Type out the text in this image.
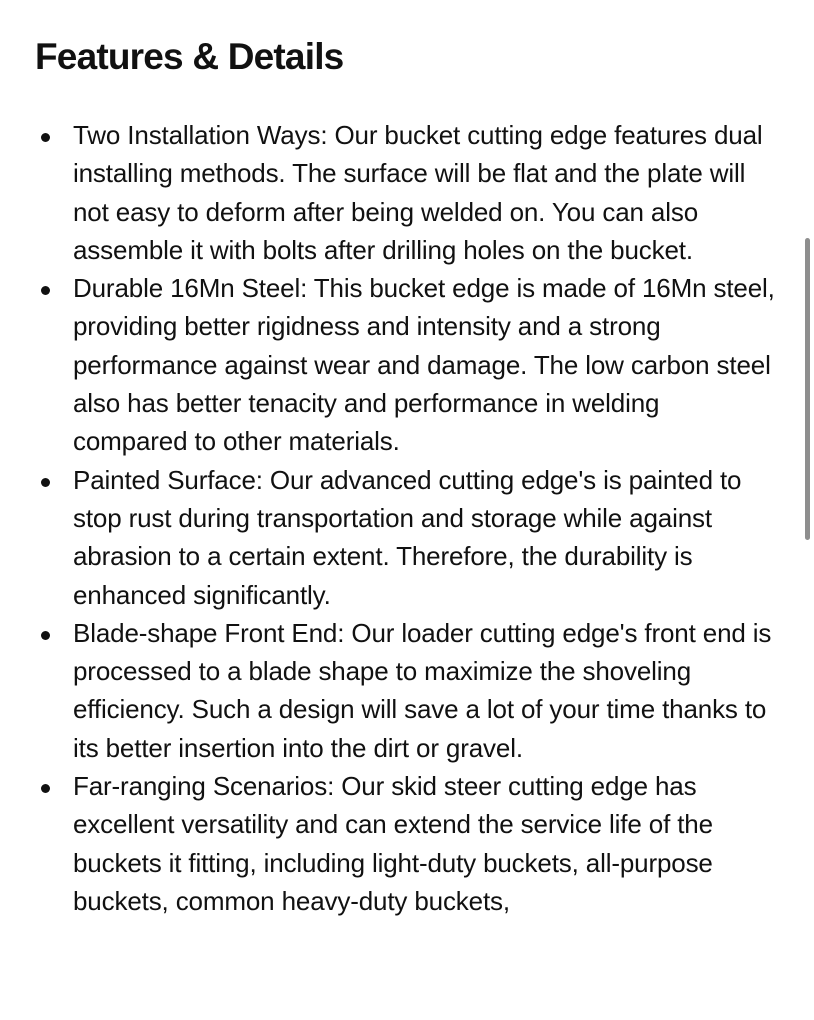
Features & Details
Two Installation Ways: Our bucket cutting edge features dual installing methods. The surface will be flat and the plate will not easy to deform after being welded on. You can also assemble it with bolts after drilling holes on the bucket.
Durable 16Mn Steel: This bucket edge is made of 16Mn steel, providing better rigidness and intensity and a strong performance against wear and damage. The low carbon steel also has better tenacity and performance in welding compared to other materials.
Painted Surface: Our advanced cutting edge's is painted to stop rust during transportation and storage while against abrasion to a certain extent. Therefore, the durability is enhanced significantly.
Blade-shape Front End: Our loader cutting edge's front end is processed to a blade shape to maximize the shoveling efficiency. Such a design will save a lot of your time thanks to its better insertion into the dirt or gravel.
Far-ranging Scenarios: Our skid steer cutting edge has excellent versatility and can extend the service life of the buckets it fitting, including light-duty buckets, all-purpose buckets, common heavy-duty buckets,
